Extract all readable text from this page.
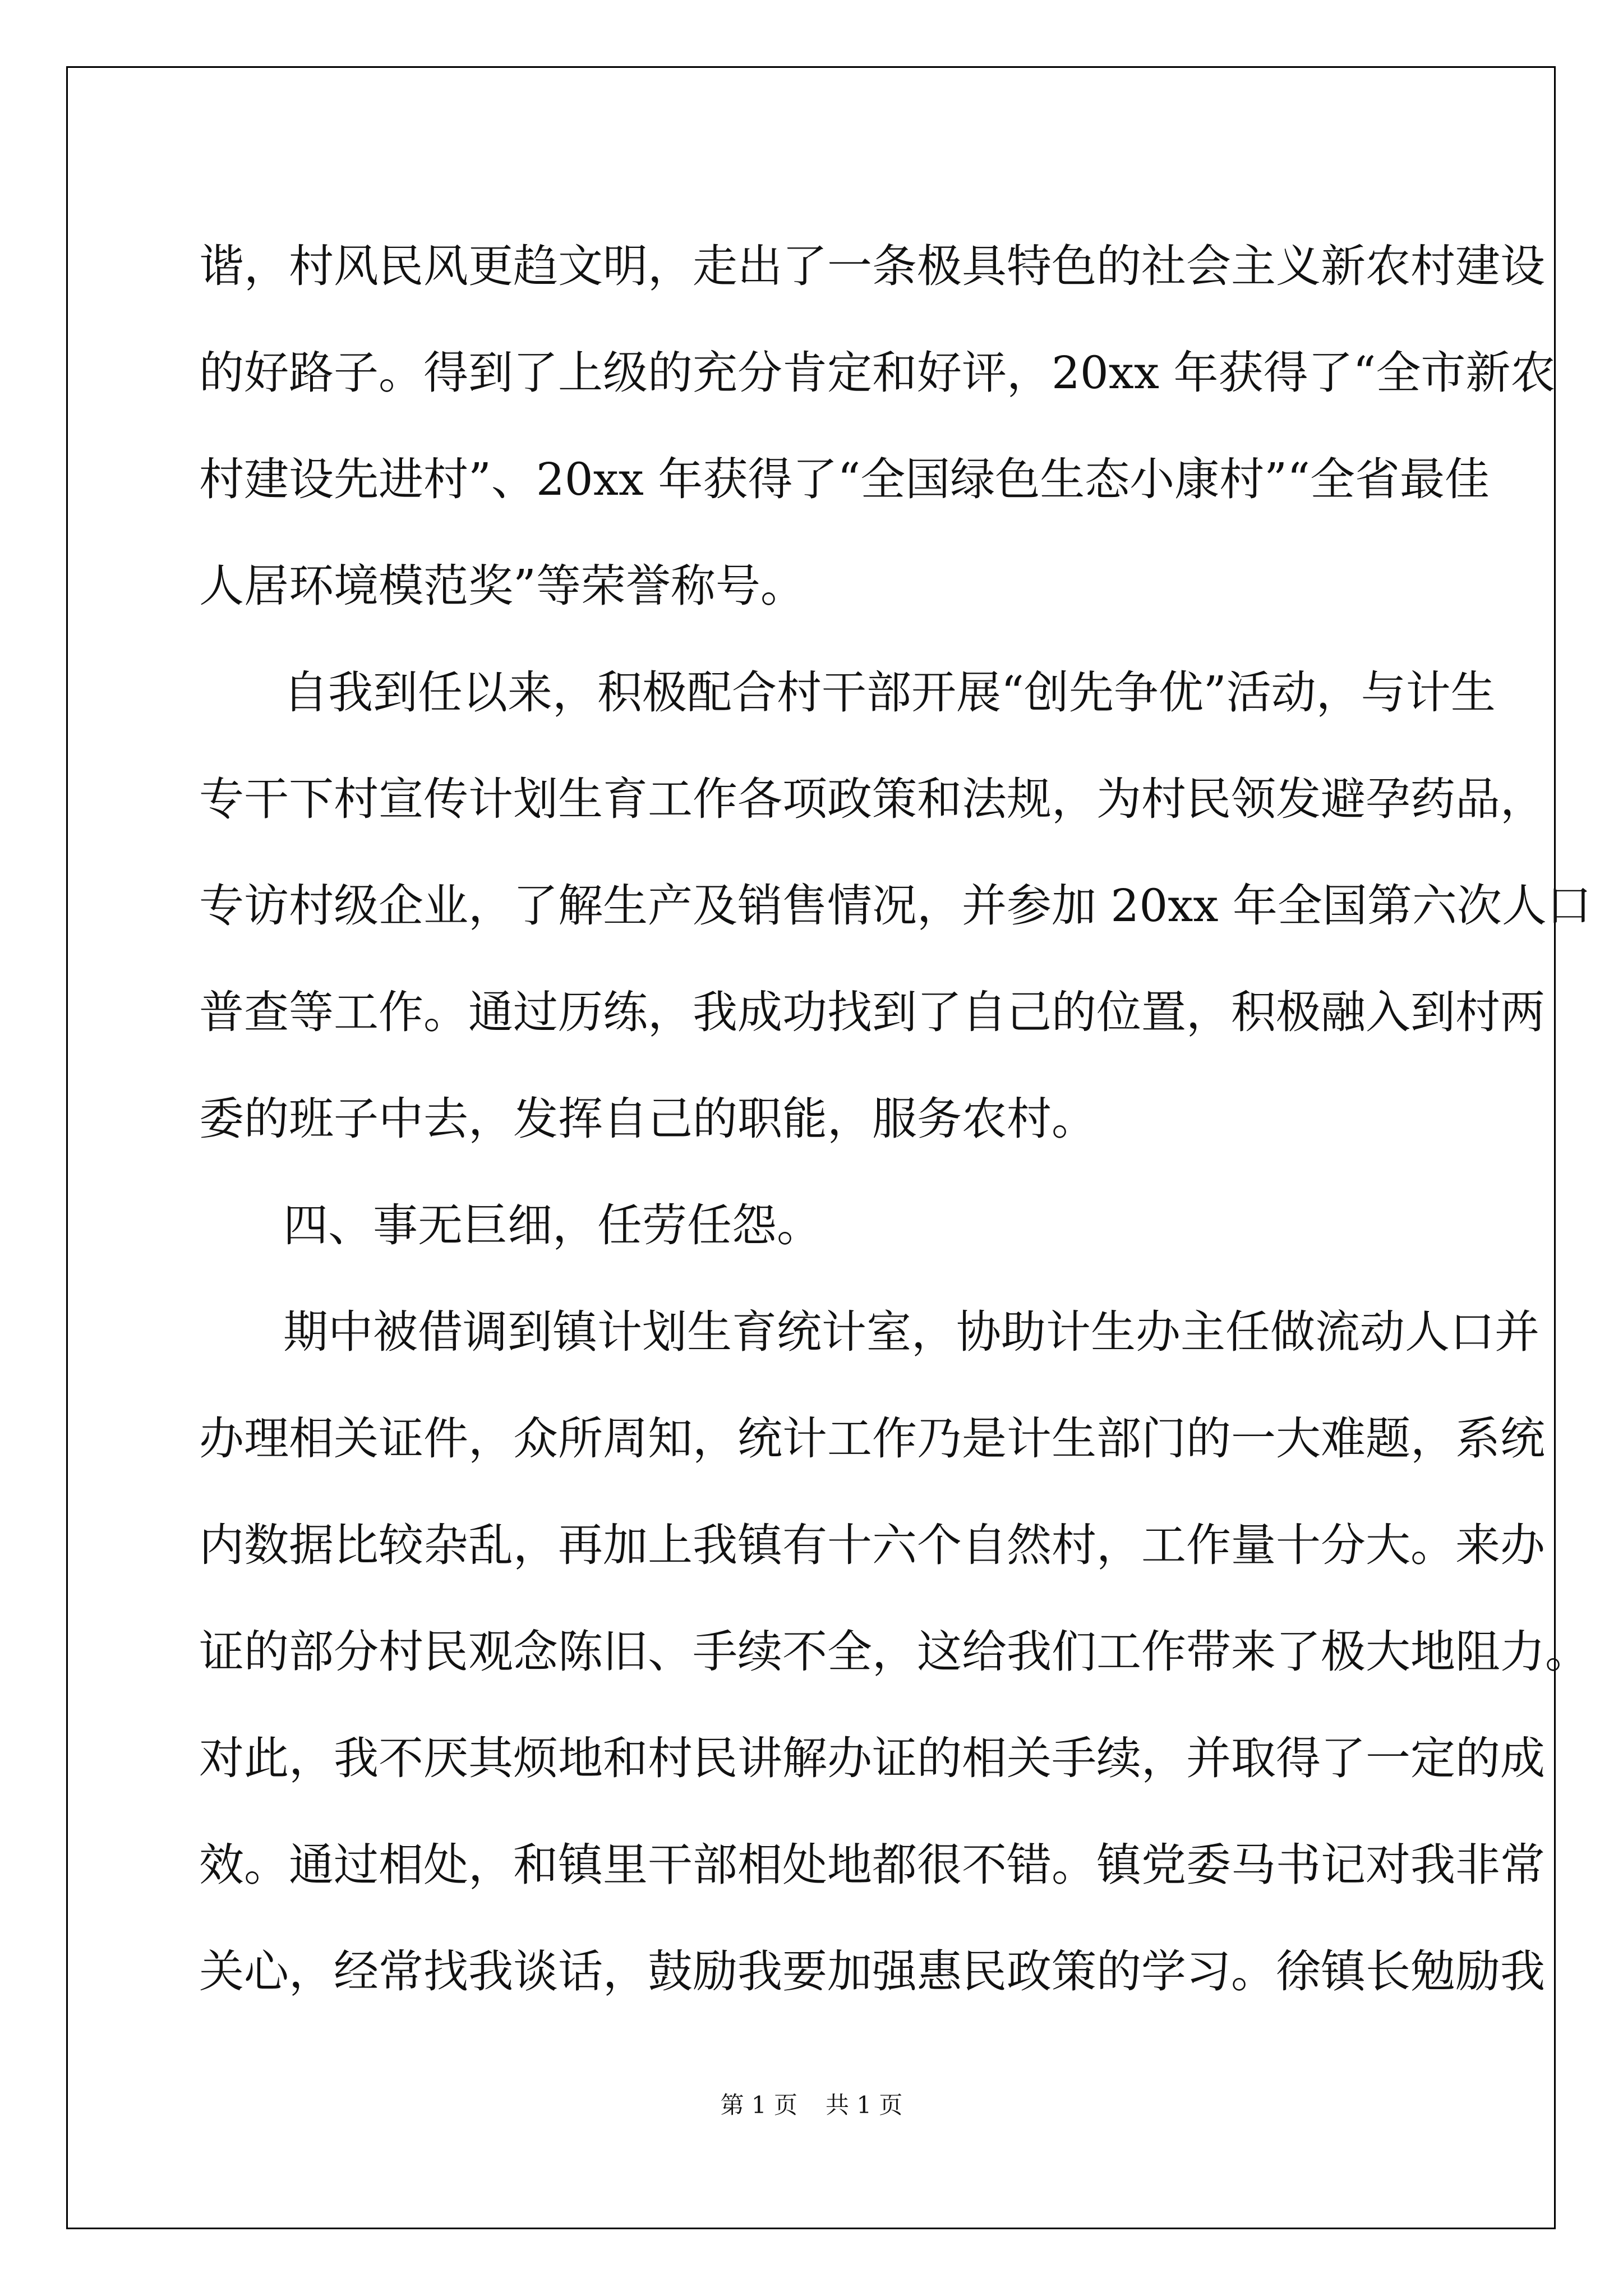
谐，村风民风更趋文明，走出了一条极具特色的社会主义新农村建设
的好路子。得到了上级的充分肯定和好评，20xx 年获得了“全市新农
村建设先进村”、20xx 年获得了“全国绿色生态小康村”“全省最佳
人居环境模范奖”等荣誉称号。
自我到任以来，积极配合村干部开展“创先争优”活动，与计生
专干下村宣传计划生育工作各项政策和法规，为村民领发避孕药品，
专访村级企业，了解生产及销售情况，并参加 20xx 年全国第六次人口
普查等工作。通过历练，我成功找到了自己的位置，积极融入到村两
委的班子中去，发挥自己的职能，服务农村。
四、事无巨细，任劳任怨。
期中被借调到镇计划生育统计室，协助计生办主任做流动人口并
办理相关证件，众所周知，统计工作乃是计生部门的一大难题，系统
内数据比较杂乱，再加上我镇有十六个自然村，工作量十分大。来办
证的部分村民观念陈旧、手续不全，这给我们工作带来了极大地阻力。
对此，我不厌其烦地和村民讲解办证的相关手续，并取得了一定的成
效。通过相处，和镇里干部相处地都很不错。镇党委马书记对我非常
关心，经常找我谈话，鼓励我要加强惠民政策的学习。徐镇长勉励我
第 1 页 共 1 页
